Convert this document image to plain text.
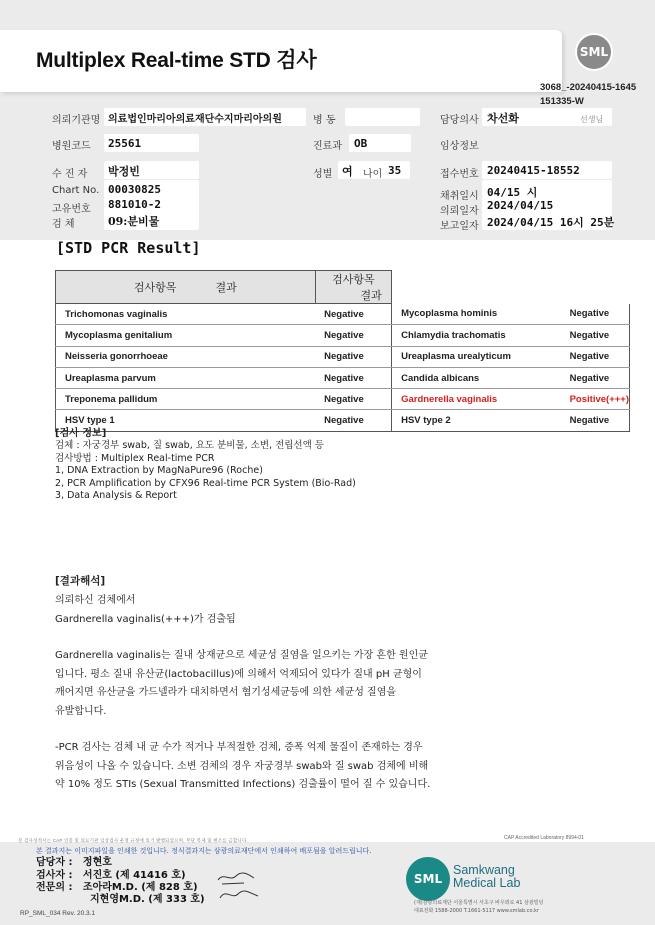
Multiplex Real-time STD 검사	SML
3068_-20240415-1645
151335-W
의뢰기관명 의료법인마리아의료재단수지마리아의원	병 동	담당의사 차선화	선생님
병원코드 25561	진료과 OB	임상정보
수 진 자 박정빈	성별 여 나이 35	접수번호 20240415-18552
Chart No. 00030825
고유번호 881010-2
검 체	09:분비물
채취일시 04/15 시
의뢰일자 2024/04/15
보고일자 2024/04/15 16시 25분
[STD PCR Result]
검사항목 결과	검사항목  결과		
Trichomonas vaginalis	Negative	Mycoplasma hominis	Negative
Mycoplasma genitalium	Negative	Chlamydia trachomatis	Negative
Neisseria gonorrhoeae	Negative	Ureaplasma urealyticum	Negative
Ureaplasma parvum	Negative	Candida albicans	Negative
Treponema pallidum	Negative	Gardnerella vaginalis	Positive(+++)
HSV type 1	Negative	HSV type 2	Negative
[검사 정보]
검체 : 자궁경부 swab, 질 swab, 요도 분비물, 소변, 전립선액 등
검사방법 : Multiplex Real-time PCR
1, DNA Extraction by MagNaPure96 (Roche)
2, PCR Amplification by CFX96 Real-time PCR System (Bio-Rad)
3, Data Analysis & Report
[결과해석]

의뢰하신 검체에서

Gardnerella vaginalis(+++)가 검출됨

Gardnerella vaginalis는 질내 상재균으로 세균성 질염을 일으키는 가장 흔한 원인균

입니다. 평소 질내 유산균(lactobacillus)에 의해서 억제되어 있다가 질내 pH 균형이

깨어지면 유산균을 가드넬라가 대치하면서 혐기성세균등에 의한 세균성 질염을

유발합니다.

-PCR 검사는 검체 내 균 수가 적거나 부적절한 검체, 증폭 억제 물질이 존재하는 경우

위음성이 나올 수 있습니다. 소변 검체의 경우 자궁경부 swab와 질 swab 검체에 비해

약 10% 정도 STIs (Sexual Transmitted Infections) 검출률이 떨어 질 수 있습니다.

본 검사성적서는 CAP 인증 및 의료기관 임상검사 운영 규정에 의거 발행되었으며, 무단 복제 및 변조를 금합니다.	CAP Accredited Laboratory 8994-01
본 결과지는 이미지파일을 인쇄한 것입니다. 정식결과지는 삼광의료재단에서 인쇄하여 배포됨을 알려드립니다.
담당자 : 정현호
검사자 : 서진호 (제 41416 호)
전문의 : 조아라M.D. (제 828 호)
지현영M.D. (제 333 호)
SML
Samkwang
Medical Lab
(재)삼광의료재단 서울특별시 서초구 바우뫼로 41 삼광빌딩
대표전화 1588-2000 T.1661-5117 www.smlab.co.kr
RP_SML_034 Rev. 20.3.1
